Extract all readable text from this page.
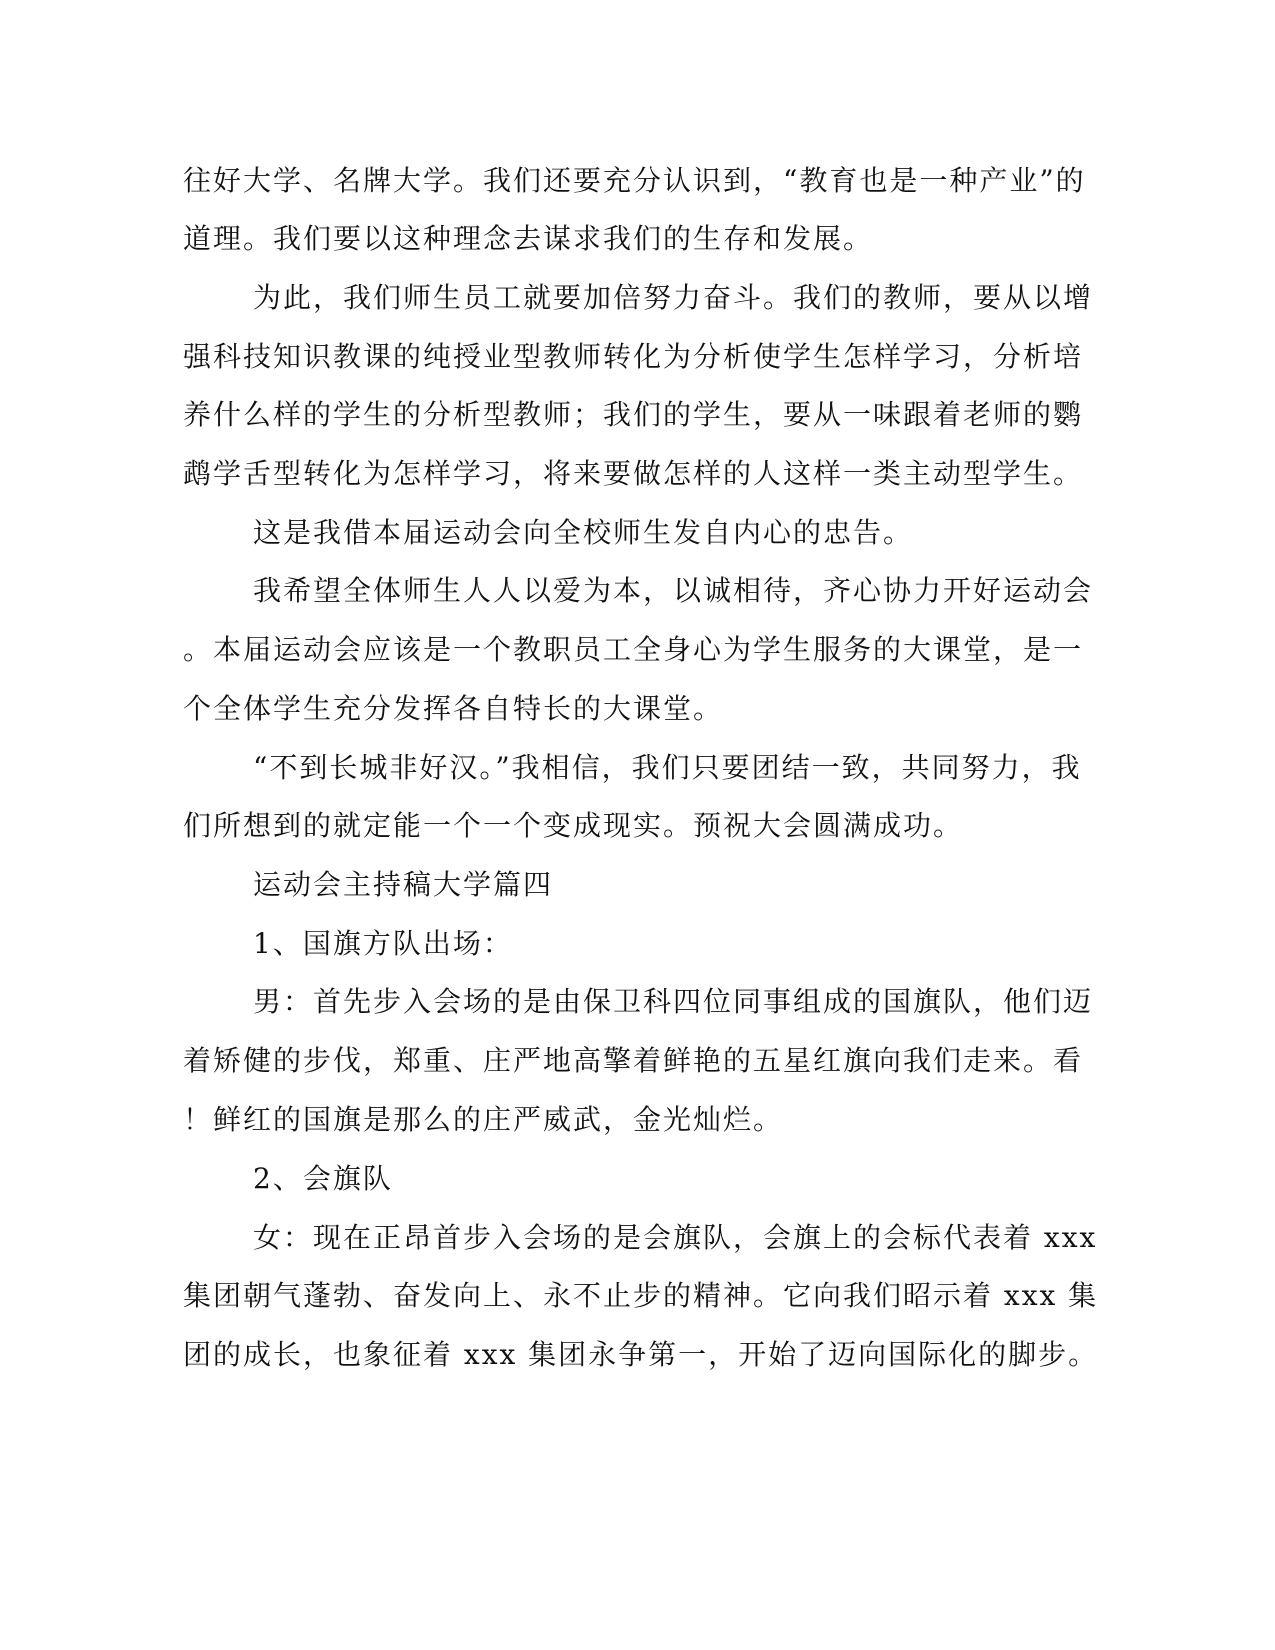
往好大学、名牌大学。我们还要充分认识到，“教育也是一种产业”的
道理。我们要以这种理念去谋求我们的生存和发展。
为此，我们师生员工就要加倍努力奋斗。我们的教师，要从以增
强科技知识教课的纯授业型教师转化为分析使学生怎样学习，分析培
养什么样的学生的分析型教师；我们的学生，要从一味跟着老师的鹦
鹉学舌型转化为怎样学习，将来要做怎样的人这样一类主动型学生。
这是我借本届运动会向全校师生发自内心的忠告。
我希望全体师生人人以爱为本，以诚相待，齐心协力开好运动会
。本届运动会应该是一个教职员工全身心为学生服务的大课堂，是一
个全体学生充分发挥各自特长的大课堂。
“不到长城非好汉。”我相信，我们只要团结一致，共同努力，我
们所想到的就定能一个一个变成现实。预祝大会圆满成功。
运动会主持稿大学篇四
1、国旗方队出场：
男：首先步入会场的是由保卫科四位同事组成的国旗队，他们迈
着矫健的步伐，郑重、庄严地高擎着鲜艳的五星红旗向我们走来。看
！鲜红的国旗是那么的庄严威武，金光灿烂。
2、会旗队
女：现在正昂首步入会场的是会旗队，会旗上的会标代表着 xxx
集团朝气蓬勃、奋发向上、永不止步的精神。它向我们昭示着 xxx 集
团的成长，也象征着 xxx 集团永争第一，开始了迈向国际化的脚步。
